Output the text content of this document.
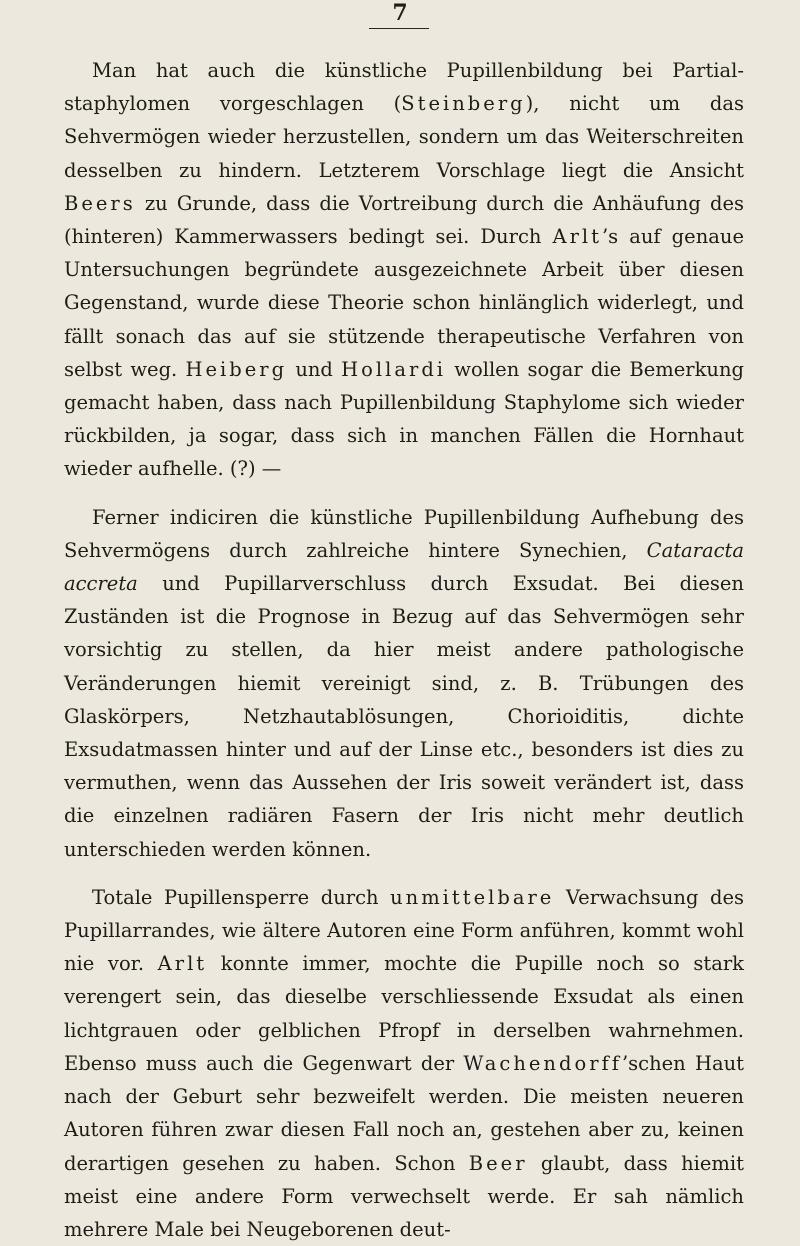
7

Man hat auch die künstliche Pupillenbildung bei Partialstaphylomen vorgeschlagen (Steinberg), nicht um das Sehvermögen wieder herzustellen, sondern um das Weiterschreiten desselben zu hindern. Letzterem Vorschlage liegt die Ansicht Beers zu Grunde, dass die Vortreibung durch die Anhäufung des (hinteren) Kammerwassers bedingt sei. Durch Arlt’s auf genaue Untersuchungen begründete ausgezeichnete Arbeit über diesen Gegenstand, wurde diese Theorie schon hinlänglich widerlegt, und fällt sonach das auf sie stützende therapeutische Verfahren von selbst weg. Heiberg und Hollardi wollen sogar die Bemerkung gemacht haben, dass nach Pupillenbildung Staphylome sich wieder rückbilden, ja sogar, dass sich in manchen Fällen die Hornhaut wieder aufhelle. (?) —

Ferner indiciren die künstliche Pupillenbildung Aufhebung des Sehvermögens durch zahlreiche hintere Synechien, Cataracta accreta und Pupillarverschluss durch Exsudat. Bei diesen Zuständen ist die Prognose in Bezug auf das Sehvermögen sehr vorsichtig zu stellen, da hier meist andere pathologische Veränderungen hiemit vereinigt sind, z. B. Trübungen des Glaskörpers, Netzhautablösungen, Chorioiditis, dichte Exsudatmassen hinter und auf der Linse etc., besonders ist dies zu vermuthen, wenn das Aussehen der Iris soweit verändert ist, dass die einzelnen radiären Fasern der Iris nicht mehr deutlich unterschieden werden können.

Totale Pupillensperre durch unmittelbare Verwachsung des Pupillarrandes, wie ältere Autoren eine Form anführen, kommt wohl nie vor. Arlt konnte immer, mochte die Pupille noch so stark verengert sein, das dieselbe verschliessende Exsudat als einen lichtgrauen oder gelblichen Pfropf in derselben wahrnehmen. Ebenso muss auch die Gegenwart der Wachendorff’schen Haut nach der Geburt sehr bezweifelt werden. Die meisten neueren Autoren führen zwar diesen Fall noch an, gestehen aber zu, keinen derartigen gesehen zu haben. Schon Beer glaubt, dass hiemit meist eine andere Form verwechselt werde. Er sah nämlich mehrere Male bei Neugeborenen deut-
